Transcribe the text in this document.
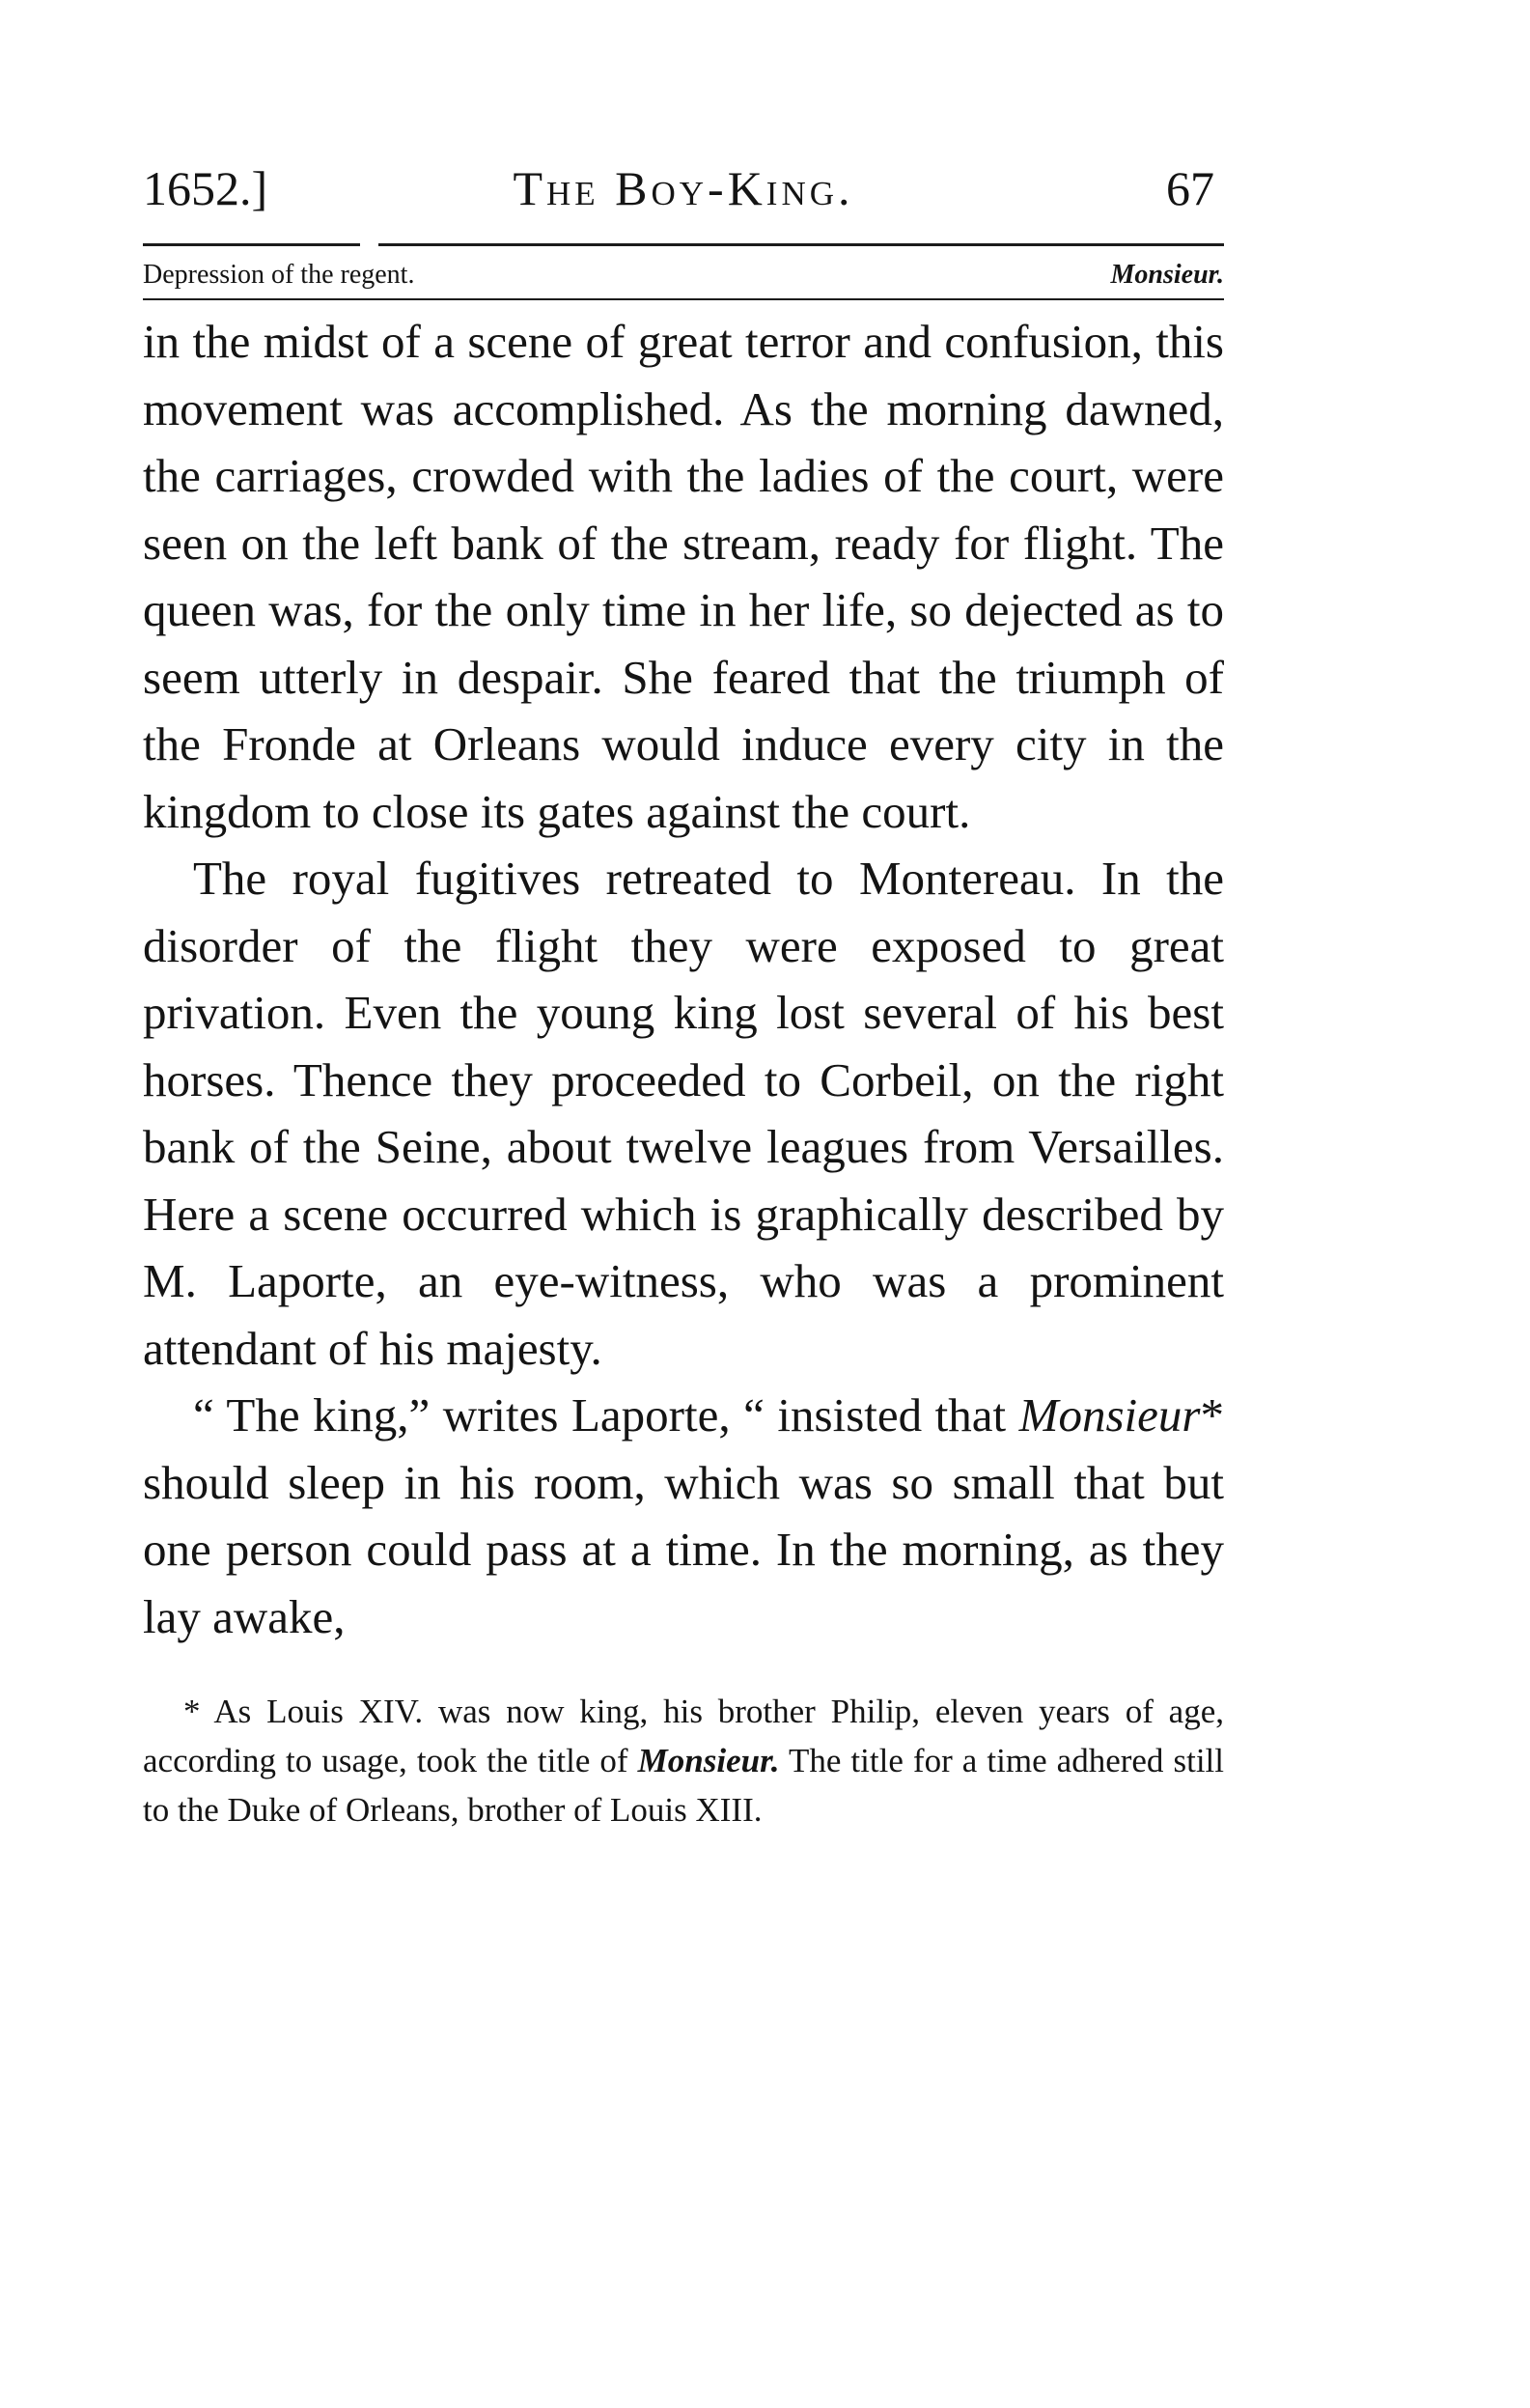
1652.]	The Boy-King.	67
Depression of the regent.	Monsieur.

in the midst of a scene of great terror and confusion, this movement was accomplished. As the morning dawned, the carriages, crowded with the ladies of the court, were seen on the left bank of the stream, ready for flight. The queen was, for the only time in her life, so dejected as to seem utterly in despair. She feared that the triumph of the Fronde at Orleans would induce every city in the kingdom to close its gates against the court.

The royal fugitives retreated to Montereau. In the disorder of the flight they were exposed to great privation. Even the young king lost several of his best horses. Thence they proceeded to Corbeil, on the right bank of the Seine, about twelve leagues from Versailles. Here a scene occurred which is graphically described by M. Laporte, an eye-witness, who was a prominent attendant of his majesty.

“ The king,” writes Laporte, “ insisted that Monsieur* should sleep in his room, which was so small that but one person could pass at a time. In the morning, as they lay awake,

* As Louis XIV. was now king, his brother Philip, eleven years of age, according to usage, took the title of Monsieur. The title for a time adhered still to the Duke of Orleans, brother of Louis XIII.
